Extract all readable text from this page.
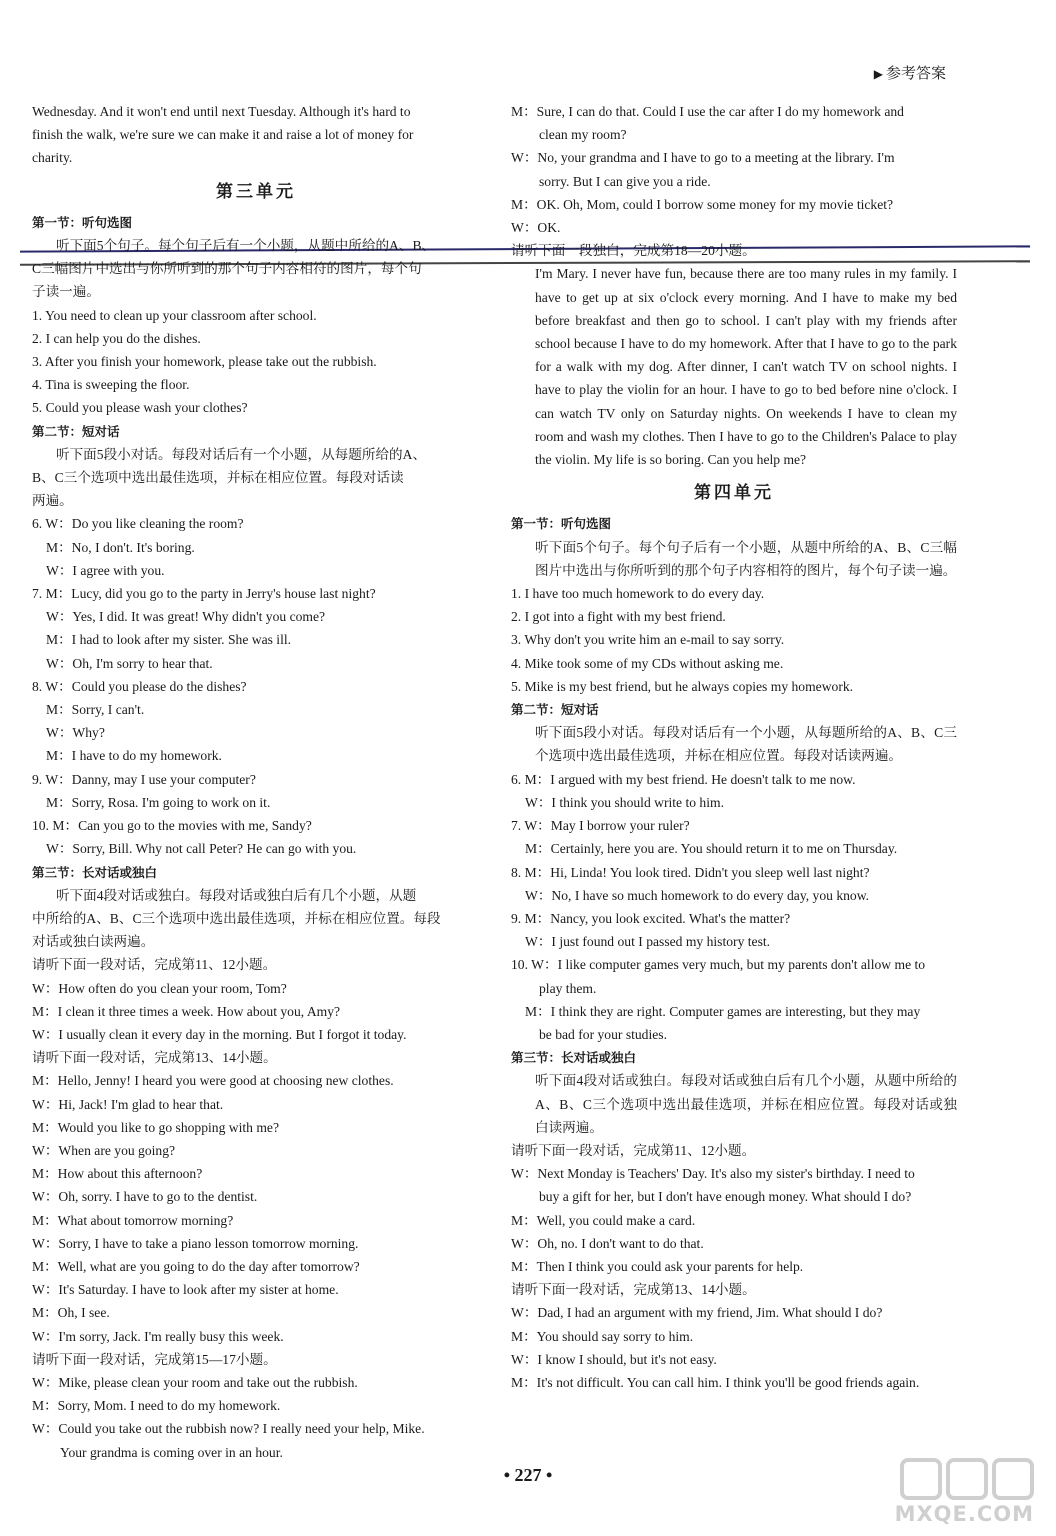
▶ 参考答案
Wednesday. And it won't end until next Tuesday. Although it's hard to
finish the walk, we're sure we can make it and raise a lot of money for
charity.
第三单元
第一节：听句选图
听下面5个句子。每个句子后有一个小题，从题中所给的A、B、
C三幅图片中选出与你所听到的那个句子内容相符的图片，每个句
子读一遍。
1. You need to clean up your classroom after school.
2. I can help you do the dishes.
3. After you finish your homework, please take out the rubbish.
4. Tina is sweeping the floor.
5. Could you please wash your clothes?
第二节：短对话
听下面5段小对话。每段对话后有一个小题，从每题所给的A、
B、C三个选项中选出最佳选项，并标在相应位置。每段对话读
两遍。
6. W：Do you like cleaning the room?
M：No, I don't. It's boring.
W：I agree with you.
7. M：Lucy, did you go to the party in Jerry's house last night?
W：Yes, I did. It was great! Why didn't you come?
M：I had to look after my sister. She was ill.
W：Oh, I'm sorry to hear that.
8. W：Could you please do the dishes?
M：Sorry, I can't.
W：Why?
M：I have to do my homework.
9. W：Danny, may I use your computer?
M：Sorry, Rosa. I'm going to work on it.
10. M：Can you go to the movies with me, Sandy?
W：Sorry, Bill. Why not call Peter? He can go with you.
第三节：长对话或独白
听下面4段对话或独白。每段对话或独白后有几个小题，从题
中所给的A、B、C三个选项中选出最佳选项，并标在相应位置。每段
对话或独白读两遍。
请听下面一段对话，完成第11、12小题。
W：How often do you clean your room, Tom?
M：I clean it three times a week. How about you, Amy?
W：I usually clean it every day in the morning. But I forgot it today.
请听下面一段对话，完成第13、14小题。
M：Hello, Jenny! I heard you were good at choosing new clothes.
W：Hi, Jack! I'm glad to hear that.
M：Would you like to go shopping with me?
W：When are you going?
M：How about this afternoon?
W：Oh, sorry. I have to go to the dentist.
M：What about tomorrow morning?
W：Sorry, I have to take a piano lesson tomorrow morning.
M：Well, what are you going to do the day after tomorrow?
W：It's Saturday. I have to look after my sister at home.
M：Oh, I see.
W：I'm sorry, Jack. I'm really busy this week.
请听下面一段对话，完成第15—17小题。
W：Mike, please clean your room and take out the rubbish.
M：Sorry, Mom. I need to do my homework.
W：Could you take out the rubbish now? I really need your help, Mike.
Your grandma is coming over in an hour.
M：Sure, I can do that. Could I use the car after I do my homework and
clean my room?
W：No, your grandma and I have to go to a meeting at the library. I'm
sorry. But I can give you a ride.
M：OK. Oh, Mom, could I borrow some money for my movie ticket?
W：OK.
请听下面一段独白，完成第18—20小题。
I'm Mary. I never have fun, because there are too many rules in my family. I have to get up at six o'clock every morning. And I have to make my bed before breakfast and then go to school. I can't play with my friends after school because I have to do my homework. After that I have to go to the park for a walk with my dog. After dinner, I can't watch TV on school nights. I have to play the violin for an hour. I have to go to bed before nine o'clock. I can watch TV only on Saturday nights. On weekends I have to clean my room and wash my clothes. Then I have to go to the Children's Palace to play the violin. My life is so boring. Can you help me?
第四单元
第一节：听句选图
听下面5个句子。每个句子后有一个小题，从题中所给的A、B、C三幅图片中选出与你所听到的那个句子内容相符的图片，每个句子读一遍。
1. I have too much homework to do every day.
2. I got into a fight with my best friend.
3. Why don't you write him an e-mail to say sorry.
4. Mike took some of my CDs without asking me.
5. Mike is my best friend, but he always copies my homework.
第二节：短对话
听下面5段小对话。每段对话后有一个小题，从每题所给的A、B、C三个选项中选出最佳选项，并标在相应位置。每段对话读两遍。
6. M：I argued with my best friend. He doesn't talk to me now.
W：I think you should write to him.
7. W：May I borrow your ruler?
M：Certainly, here you are. You should return it to me on Thursday.
8. M：Hi, Linda! You look tired. Didn't you sleep well last night?
W：No, I have so much homework to do every day, you know.
9. M：Nancy, you look excited. What's the matter?
W：I just found out I passed my history test.
10. W：I like computer games very much, but my parents don't allow me to
play them.
M：I think they are right. Computer games are interesting, but they may
be bad for your studies.
第三节：长对话或独白
听下面4段对话或独白。每段对话或独白后有几个小题，从题中所给的A、B、C三个选项中选出最佳选项，并标在相应位置。每段对话或独白读两遍。
请听下面一段对话，完成第11、12小题。
W：Next Monday is Teachers' Day. It's also my sister's birthday. I need to
buy a gift for her, but I don't have enough money. What should I do?
M：Well, you could make a card.
W：Oh, no. I don't want to do that.
M：Then I think you could ask your parents for help.
请听下面一段对话，完成第13、14小题。
W：Dad, I had an argument with my friend, Jim. What should I do?
M：You should say sorry to him.
W：I know I should, but it's not easy.
M：It's not difficult. You can call him. I think you'll be good friends again.
• 227 •
MXQE.COM
